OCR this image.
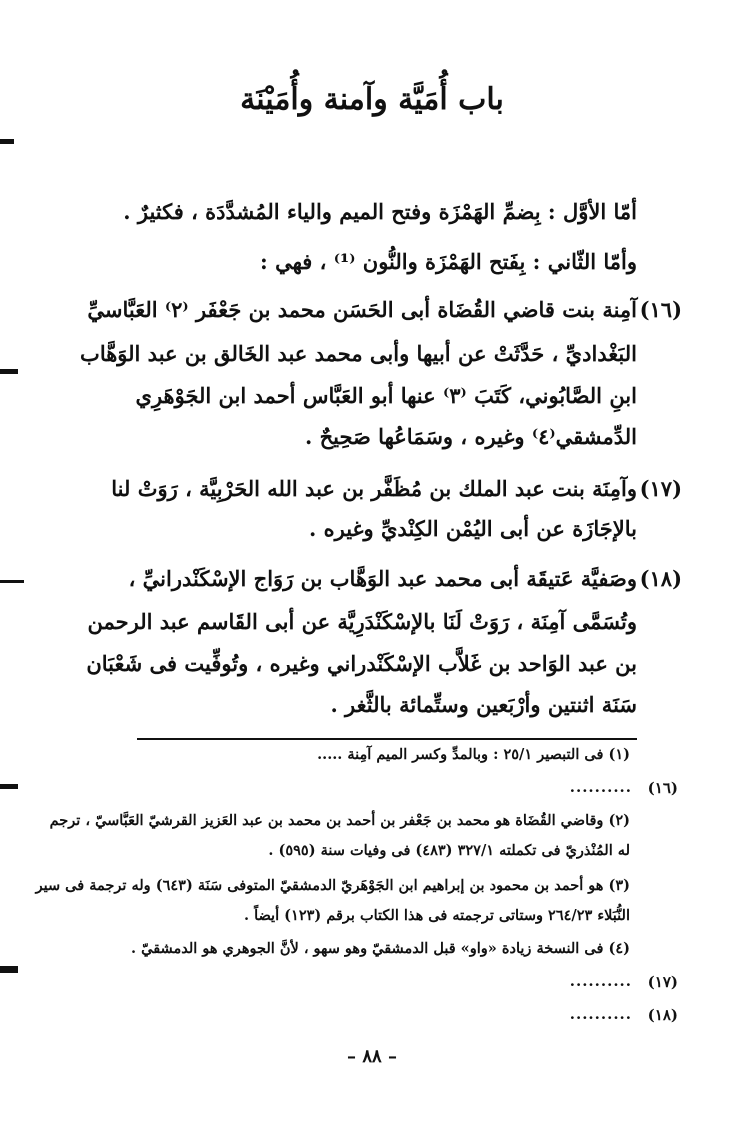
باب أُمَيَّة وآمنة وأُمَيْنَة
أمّا الأوَّل : بِضمِّ الهَمْزَة وفتح الميم والياء المُشدَّدَة ، فكثيرٌ .
وأمّا الثّاني : بِفَتح الهَمْزَة والنُّون ⁽¹⁾ ، فهي :
(١٦)
آمِنة بنت قاضي القُضَاة أبى الحَسَن محمد بن جَعْفَر ⁽٢⁾ العَبَّاسيِّ
البَغْداديِّ ، حَدَّثَتْ عن أبيها وأبى محمد عبد الخَالق بن عبد الوَهَّاب
ابنِ الصَّابُوني، كَتَبَ ⁽٣⁾ عنها أبو العَبَّاس أحمد ابن الجَوْهَرِي
الدِّمشقي⁽٤⁾ وغيره ، وسَمَاعُها صَحِيحٌ .
(١٧)
وآمِنَة بنت عبد الملك بن مُظَفَّر بن عبد الله الحَرْبِيَّة ، رَوَتْ لنا
بالإجَازَة عن أبى اليُمْن الكِنْديِّ وغيره .
(١٨)
وصَفيَّة عَتيقَة أبى محمد عبد الوَهَّاب بن رَوَاج الإسْكَنْدرانيِّ ،
وتُسَمَّى آمِنَة ، رَوَتْ لَنَا بالإسْكَنْدَرِيَّة عن أبى القَاسم عبد الرحمن
بن عبد الوَاحد بن غَلاَّب الإسْكَنْدراني وغيره ، وتُوفِّيت فى شَعْبَان
سَنَة اثنتين وأرْبَعين وستِّمائة بالثَّغر .
(١) فى التبصير ٢٥/١ : وبالمدِّ وكسر الميم آمِنة .....
(١٦)
..........
(٢) وقاضي القُضَاة هو محمد بن جَعْفر بن أحمد بن محمد بن عبد العَزيز القرشيّ العَبَّاسيّ ، ترجم
له المُنْذريّ فى تكملته ٣٢٧/١ (٤٨٣) فى وفيات سنة (٥٩٥) .
(٣) هو أحمد بن محمود بن إبراهيم ابن الجَوْهَريّ الدمشقيّ المتوفى سَنَة (٦٤٣) وله ترجمة فى سير
النُّبَلاء ٢٦٤/٢٣ وستاتى ترجمته فى هذا الكتاب برقم (١٢٣) أيضاً .
(٤) فى النسخة زيادة «واو» قبل الدمشقيّ وهو سهو ، لأنَّ الجوهري هو الدمشقيّ .
(١٧)
..........
(١٨)
..........
– ٨٨ –
